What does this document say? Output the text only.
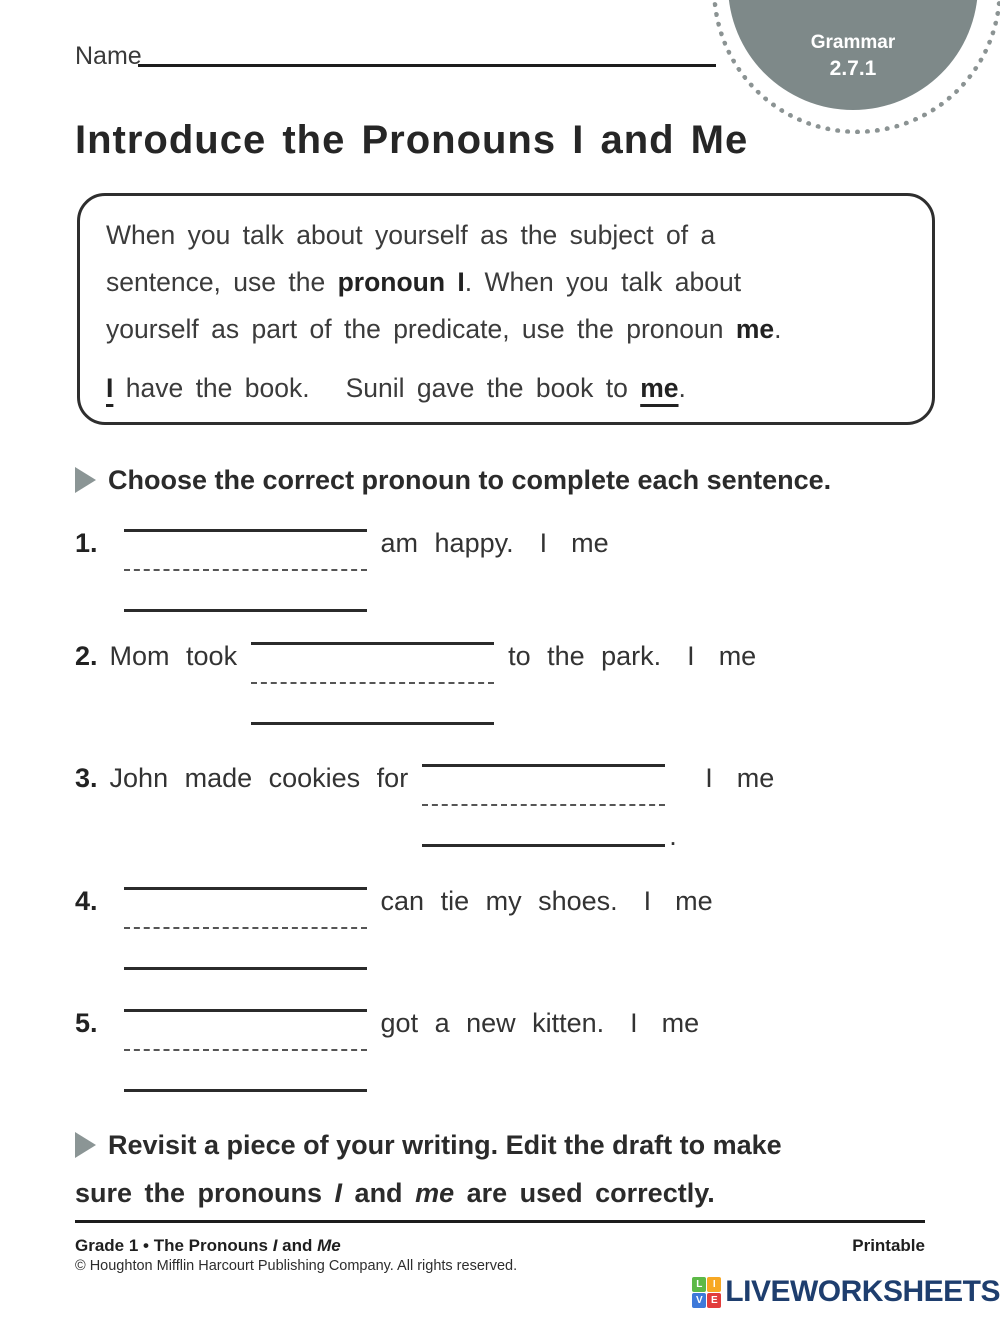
Name	Grammar
2.7.1
Introduce the Pronouns I and Me
When you talk about yourself as the subject of a
sentence, use the pronoun I. When you talk about
yourself as part of the predicate, use the pronoun me.
I have the book. Sunil gave the book to me.
Choose the correct pronoun to complete each sentence.
1.	am happy. I me
2. Mom took	to the park. I me
3. John made cookies for
.
I me
4.	can tie my shoes. I me
5.	got a new kitten. I me
Revisit a piece of your writing. Edit the draft to make
sure the pronouns I and me are used correctly.
Grade 1 • The Pronouns I and Me	Printable
© Houghton Mifflin Harcourt Publishing Company. All rights reserved.
L	I
V E LIVEWORKSHEETS
